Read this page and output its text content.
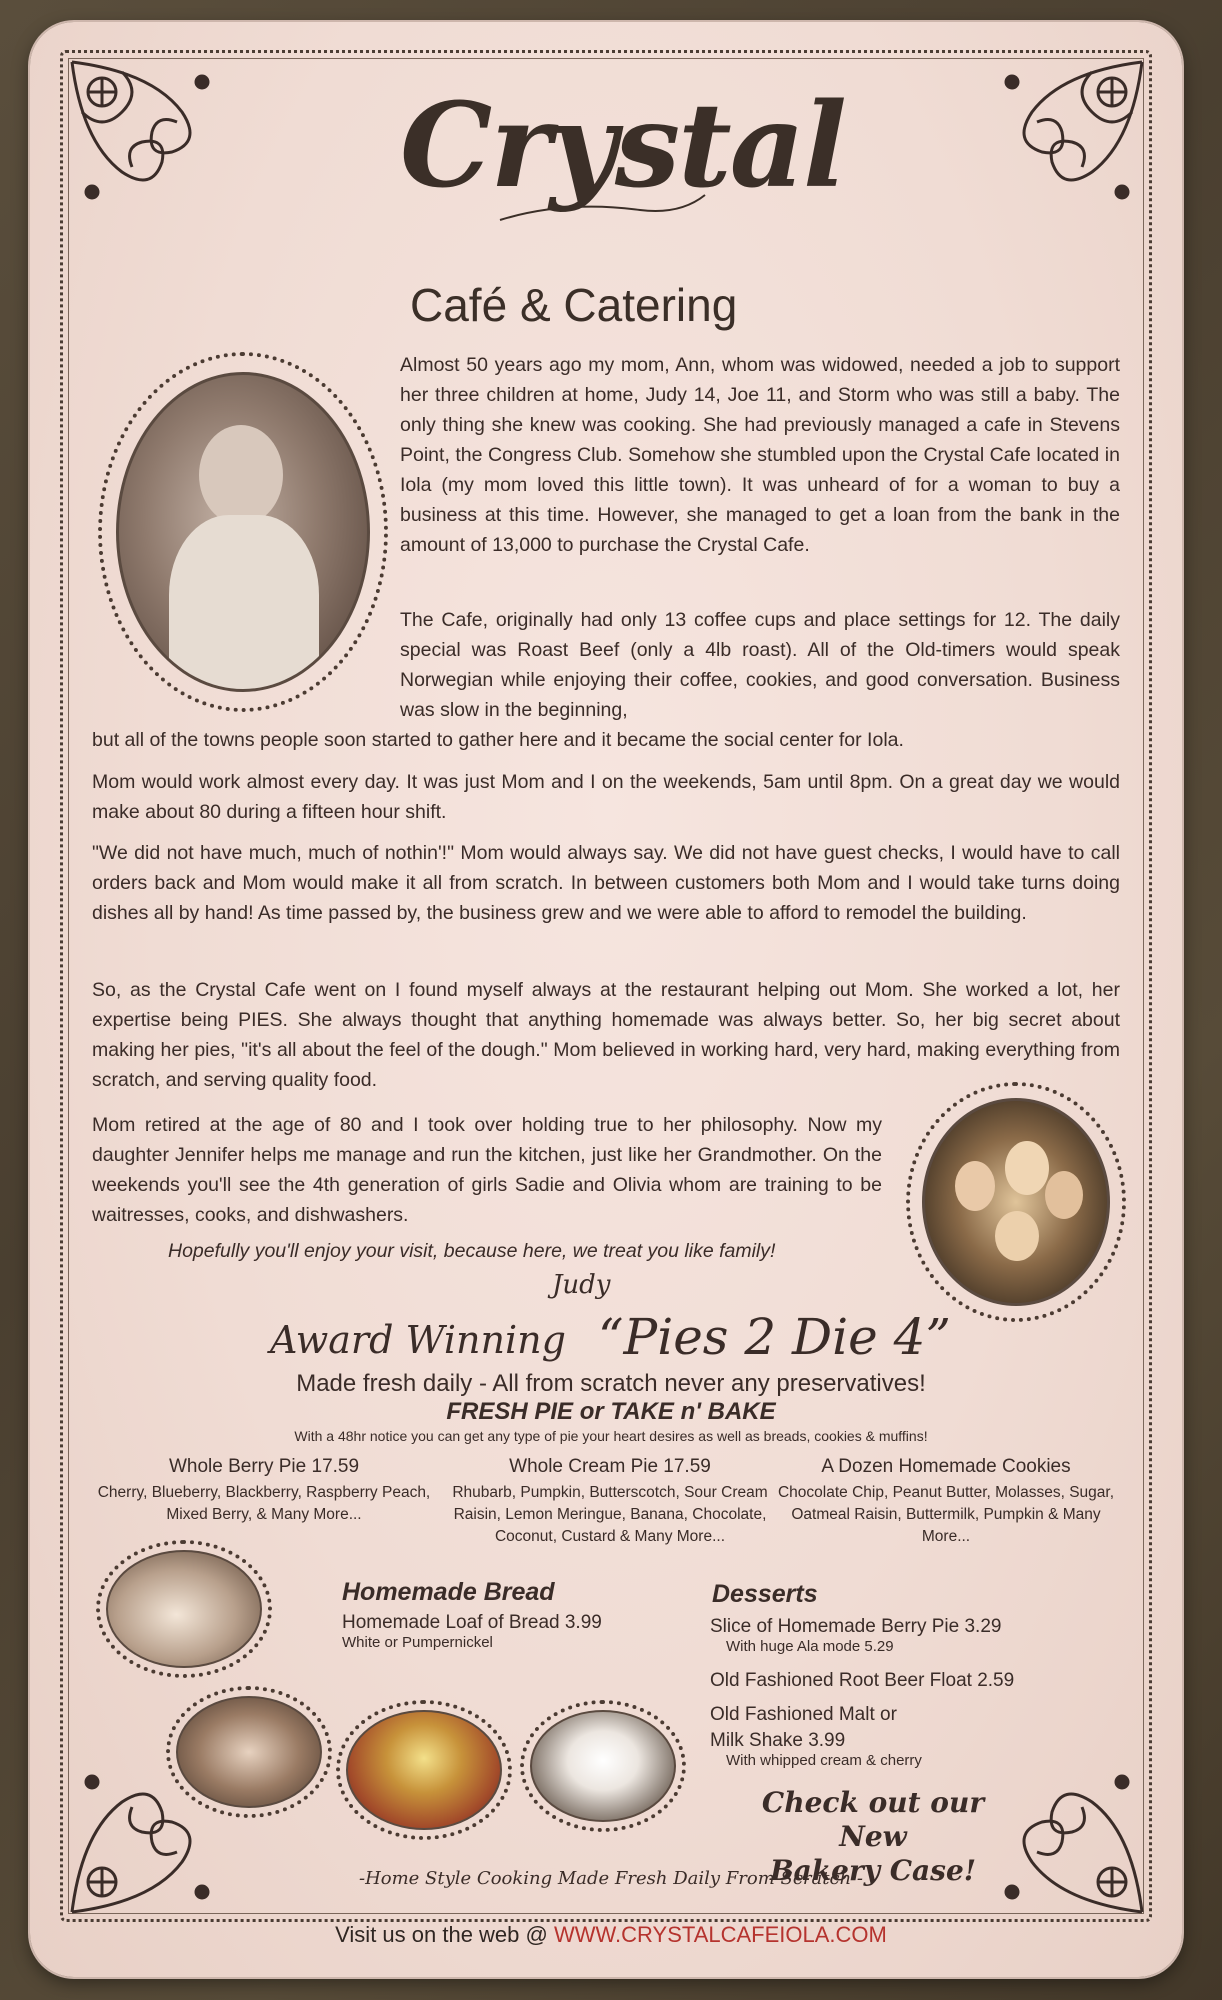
Crystal
Café & Catering

Almost 50 years ago my mom, Ann, whom was widowed, needed a job to support her three children at home, Judy 14, Joe 11, and Storm who was still a baby. The only thing she knew was cooking. She had previously managed a cafe in Stevens Point, the Congress Club. Somehow she stumbled upon the Crystal Cafe located in Iola (my mom loved this little town). It was unheard of for a woman to buy a business at this time. However, she managed to get a loan from the bank in the amount of 13,000 to purchase the Crystal Cafe.

The Cafe, originally had only 13 coffee cups and place settings for 12. The daily special was Roast Beef (only a 4lb roast). All of the Old-timers would speak Norwegian while enjoying their coffee, cookies, and good conversation. Business was slow in the beginning,

but all of the towns people soon started to gather here and it became the social center for Iola.

Mom would work almost every day. It was just Mom and I on the weekends, 5am until 8pm. On a great day we would make about 80 during a fifteen hour shift.

"We did not have much, much of nothin'!" Mom would always say. We did not have guest checks, I would have to call orders back and Mom would make it all from scratch. In between customers both Mom and I would take turns doing dishes all by hand! As time passed by, the business grew and we were able to afford to remodel the building.

So, as the Crystal Cafe went on I found myself always at the restaurant helping out Mom. She worked a lot, her expertise being PIES. She always thought that anything homemade was always better. So, her big secret about making her pies, "it's all about the feel of the dough." Mom believed in working hard, very hard, making everything from scratch, and serving quality food.

Mom retired at the age of 80 and I took over holding true to her philosophy. Now my daughter Jennifer helps me manage and run the kitchen, just like her Grandmother. On the weekends you'll see the 4th generation of girls Sadie and Olivia whom are training to be waitresses, cooks, and dishwashers.

Hopefully you'll enjoy your visit, because here, we treat you like family!

Judy
Award Winning “Pies 2 Die 4”
Made fresh daily - All from scratch never any preservatives!
FRESH PIE or TAKE n' BAKE
With a 48hr notice you can get any type of pie your heart desires as well as breads, cookies & muffins!
Whole Berry Pie 17.59
Cherry, Blueberry, Blackberry, Raspberry Peach, Mixed Berry, & Many More...
Whole Cream Pie 17.59
Rhubarb, Pumpkin, Butterscotch, Sour Cream Raisin, Lemon Meringue, Banana, Chocolate, Coconut, Custard & Many More...
A Dozen Homemade Cookies
Chocolate Chip, Peanut Butter, Molasses, Sugar, Oatmeal Raisin, Buttermilk, Pumpkin & Many More...
Homemade Bread
Homemade Loaf of Bread 3.99
White or Pumpernickel
Desserts
Slice of Homemade Berry Pie 3.29
With huge Ala mode 5.29
Old Fashioned Root Beer Float 2.59
Old Fashioned Malt or
Milk Shake 3.99
With whipped cream & cherry
Check out our New
Bakery Case!
-Home Style Cooking Made Fresh Daily From Scratch -
Visit us on the web @ WWW.CRYSTALCAFEIOLA.COM
